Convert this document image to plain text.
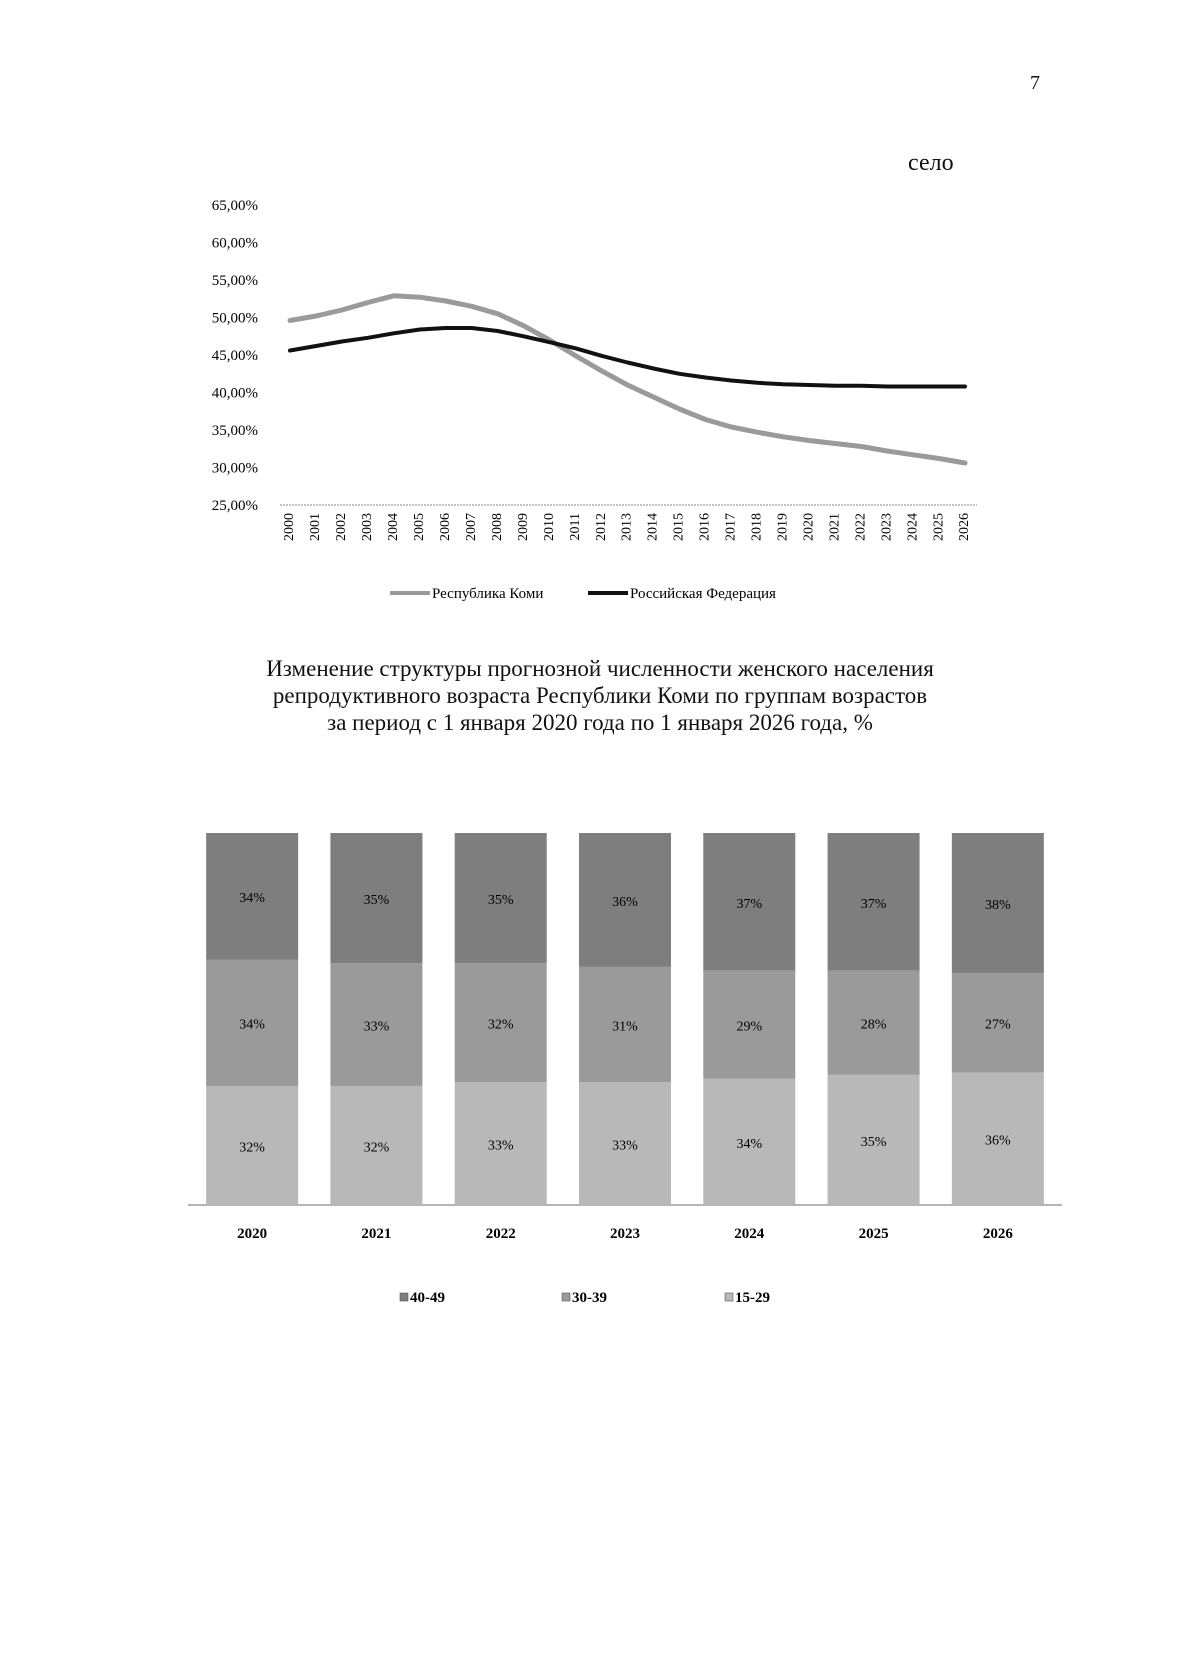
7
село
25,00%
30,00%
35,00%
40,00%
45,00%
50,00%
55,00%
60,00%
65,00%
2000 2001 2002 2003 2004 2005 2006 2007 2008 2009 2010 2011 2012 2013 2014 2015 2016 2017 2018 2019 2020 2021 2022 2023 2024 2025 2026
Республика Коми	Российская Федерация
Изменение структуры прогнозной численности женского населения
репродуктивного возраста Республики Коми по группам возрастов
за период с 1 января 2020 года по 1 января 2026 года, %
32%
34%
34%
2020
32%
33%
35%
2021
33%
32%
35%
2022
33%
31%
36%
2023
34%
29%
37%
2024
35%
28%
37%
2025
36%
27%
38%
2026
40-49	30-39	15-29
